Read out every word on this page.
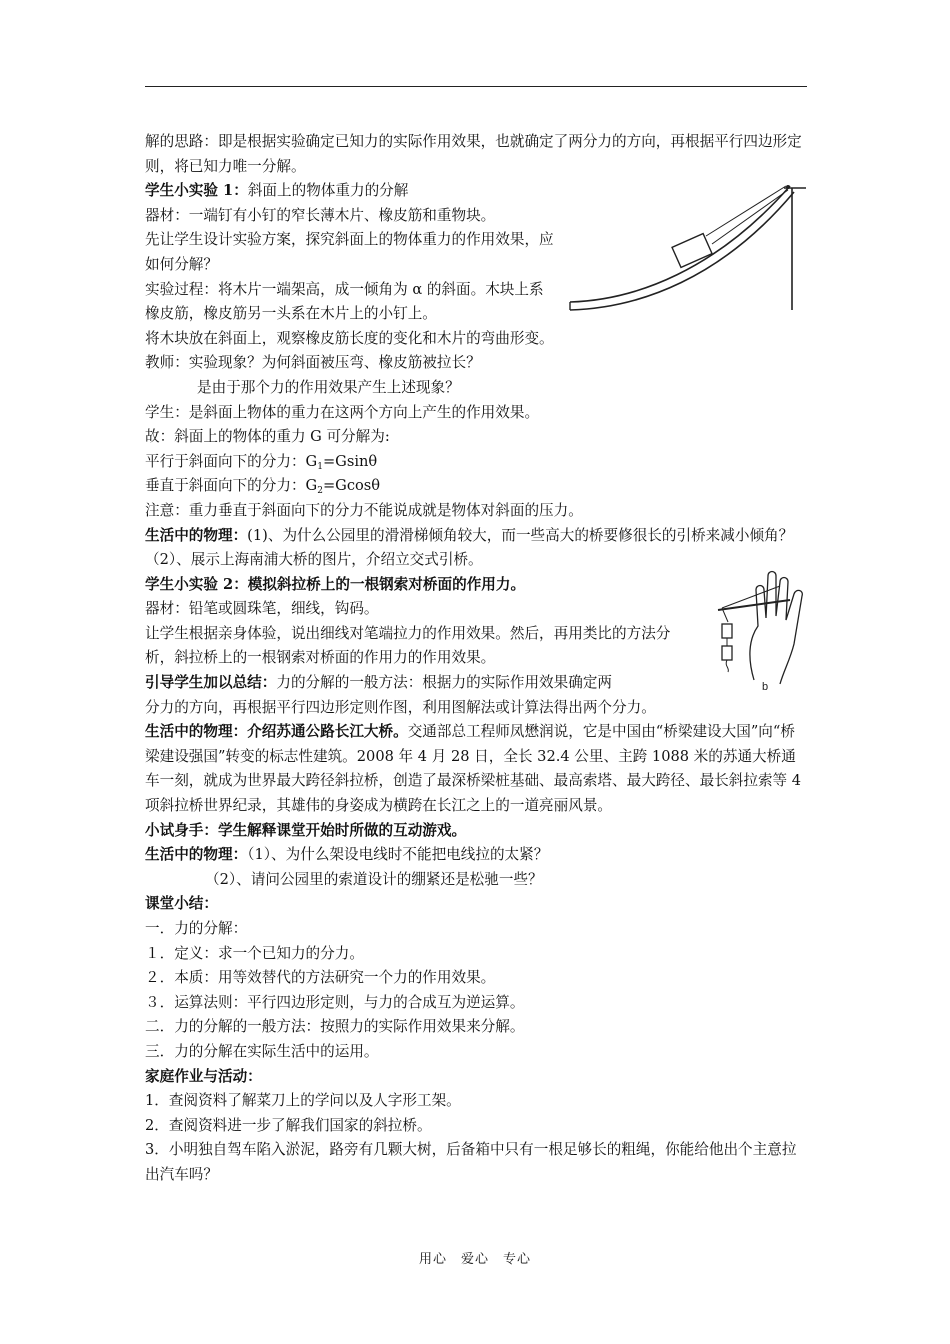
b

解的思路：即是根据实验确定已知力的实际作用效果，也就确定了两分力的方向，再根据平行四边形定则，将已知力唯一分解。

学生小实验 1：斜面上的物体重力的分解

器材：一端钉有小钉的窄长薄木片、橡皮筋和重物块。

先让学生设计实验方案，探究斜面上的物体重力的作用效果，应如何分解？

实验过程：将木片一端架高，成一倾角为 α 的斜面。木块上系橡皮筋，橡皮筋另一头系在木片上的小钉上。

将木块放在斜面上，观察橡皮筋长度的变化和木片的弯曲形变。

教师：实验现象？为何斜面被压弯、橡皮筋被拉长？

是由于那个力的作用效果产生上述现象？

学生：是斜面上物体的重力在这两个方向上产生的作用效果。

故：斜面上的物体的重力 G 可分解为:

平行于斜面向下的分力：$G_1=Gsin\theta$

垂直于斜面向下的分力：$G_2=Gcos\theta$

注意：重力垂直于斜面向下的分力不能说成就是物体对斜面的压力。

生活中的物理：(1)、为什么公园里的滑滑梯倾角较大，而一些高大的桥要修很长的引桥来减小倾角？（2）、展示上海南浦大桥的图片，介绍立交式引桥。

学生小实验 2：模拟斜拉桥上的一根钢索对桥面的作用力。

器材：铅笔或圆珠笔，细线，钩码。

让学生根据亲身体验，说出细线对笔端拉力的作用效果。然后，再用类比的方法分析，斜拉桥上的一根钢索对桥面的作用力的作用效果。

引导学生加以总结：力的分解的一般方法：根据力的实际作用效果确定两

分力的方向，再根据平行四边形定则作图，利用图解法或计算法得出两个分力。

生活中的物理：介绍苏通公路长江大桥。交通部总工程师凤懋润说，它是中国由“桥梁建设大国”向“桥梁建设强国”转变的标志性建筑。2008 年 4 月 28 日，全长 32.4 公里、主跨 1088 米的苏通大桥通车一刻，就成为世界最大跨径斜拉桥，创造了最深桥梁桩基础、最高索塔、最大跨径、最长斜拉索等 4 项斜拉桥世界纪录，其雄伟的身姿成为横跨在长江之上的一道亮丽风景。

小试身手：学生解释课堂开始时所做的互动游戏。

生活中的物理：（1）、为什么架设电线时不能把电线拉的太紧？

（2）、请问公园里的索道设计的绷紧还是松驰一些？

课堂小结：

一．力的分解：

１．定义：求一个已知力的分力。

２．本质：用等效替代的方法研究一个力的作用效果。

３．运算法则：平行四边形定则，与力的合成互为逆运算。

二．力的分解的一般方法：按照力的实际作用效果来分解。

三．力的分解在实际生活中的运用。

家庭作业与活动：

1．查阅资料了解菜刀上的学问以及人字形工架。

2．查阅资料进一步了解我们国家的斜拉桥。

3．小明独自驾车陷入淤泥，路旁有几颗大树，后备箱中只有一根足够长的粗绳，你能给他出个主意拉出汽车吗？

用心　爱心　专心
